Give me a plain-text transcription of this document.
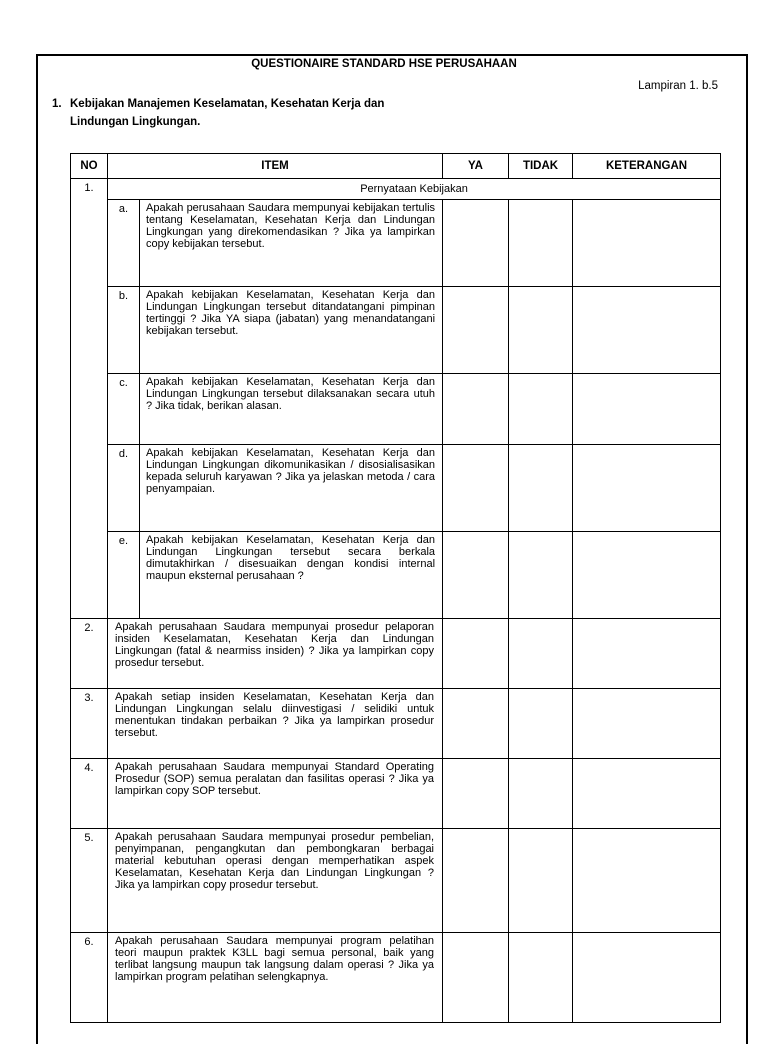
QUESTIONAIRE STANDARD HSE PERUSAHAAN
Lampiran 1. b.5
1. Kebijakan Manajemen Keselamatan, Kesehatan Kerja dan
Lindungan Lingkungan.
NO	ITEM		YA	TIDAK	KETERANGAN
1.	Pernyataan Kebijakan				
	a.	Apakah perusahaan Saudara mempunyai kebijakan tertulis tentang Keselamatan, Kesehatan Kerja dan Lindungan Lingkungan yang direkomendasikan ? Jika ya lampirkan copy kebijakan tersebut.			
	b.	Apakah kebijakan Keselamatan, Kesehatan Kerja dan Lindungan Lingkungan tersebut ditandatangani pimpinan tertinggi ? Jika YA siapa (jabatan) yang menandatangani kebijakan tersebut.			
	c.	Apakah kebijakan Keselamatan, Kesehatan Kerja dan Lindungan Lingkungan tersebut dilaksanakan secara utuh ? Jika tidak, berikan alasan.			
	d.	Apakah kebijakan Keselamatan, Kesehatan Kerja dan Lindungan Lingkungan dikomunikasikan / disosialisasikan kepada seluruh karyawan ? Jika ya jelaskan metoda / cara penyampaian.			
	e.	Apakah kebijakan Keselamatan, Kesehatan Kerja dan Lindungan Lingkungan tersebut secara berkala dimutakhirkan / disesuaikan dengan kondisi internal maupun eksternal perusahaan ?			
2.	Apakah perusahaan Saudara mempunyai prosedur pelaporan insiden Keselamatan, Kesehatan Kerja dan Lindungan Lingkungan (fatal & nearmiss insiden) ? Jika ya lampirkan copy prosedur tersebut.				
3.	Apakah setiap insiden Keselamatan, Kesehatan Kerja dan Lindungan Lingkungan selalu diinvestigasi / selidiki untuk menentukan tindakan perbaikan ? Jika ya lampirkan prosedur tersebut.				
4.	Apakah perusahaan Saudara mempunyai Standard Operating Prosedur (SOP) semua peralatan dan fasilitas operasi ? Jika ya lampirkan copy SOP tersebut.				
5.	Apakah perusahaan Saudara mempunyai prosedur pembelian, penyimpanan, pengangkutan dan pembongkaran berbagai material kebutuhan operasi dengan memperhatikan aspek Keselamatan, Kesehatan Kerja dan Lindungan Lingkungan ? Jika ya lampirkan copy prosedur tersebut.				
6.	Apakah perusahaan Saudara mempunyai program pelatihan teori maupun praktek K3LL bagi semua personal, baik yang terlibat langsung maupun tak langsung dalam operasi ? Jika ya lampirkan program pelatihan selengkapnya.				
